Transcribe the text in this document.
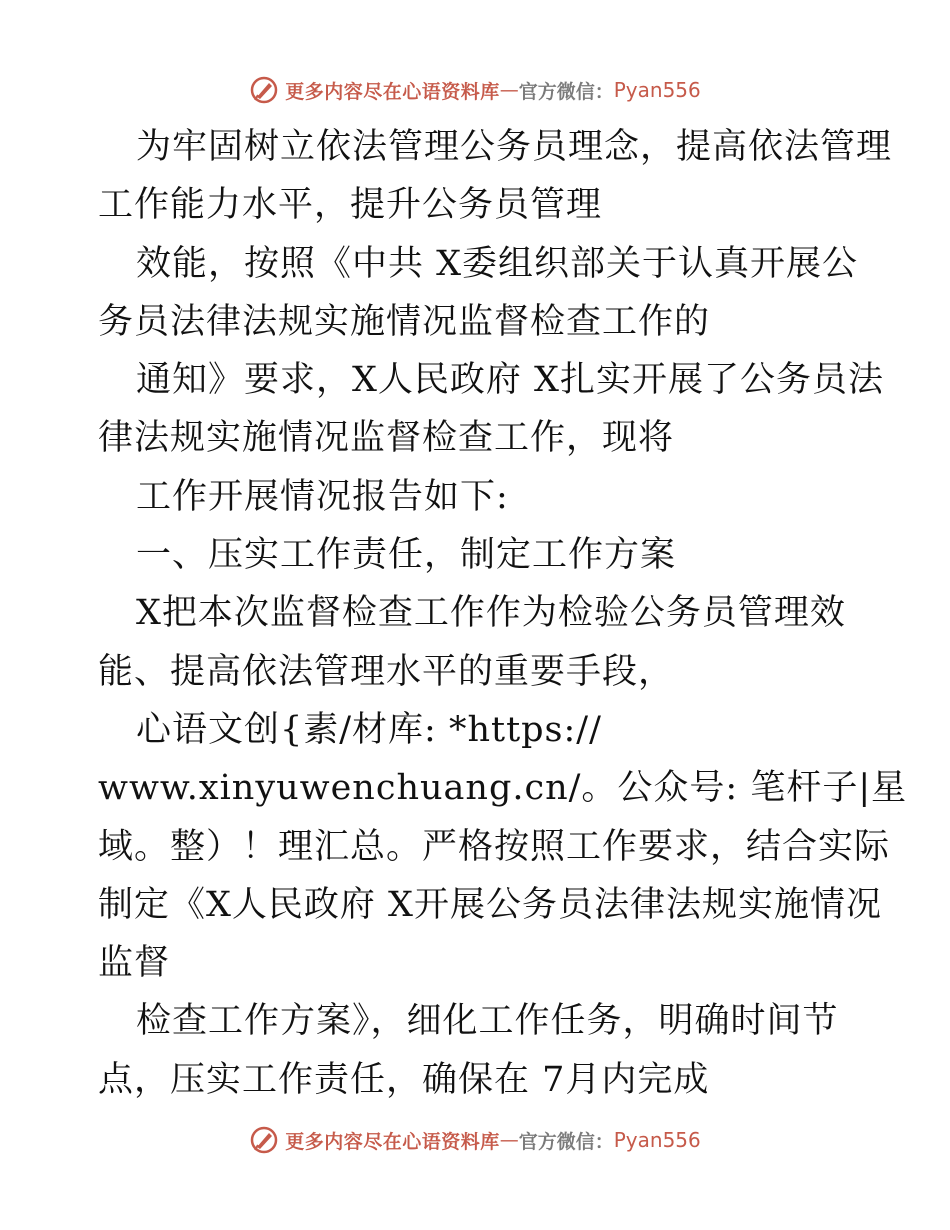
更多内容尽在心语资料库 — 官方微信： Pyan556
为牢固树立依法管理公务员理念，提高依法管理
工作能力水平，提升公务员管理
效能，按照《中共 X委组织部关于认真开展公
务员法律法规实施情况监督检查工作的
通知》要求，X人民政府 X扎实开展了公务员法
律法规实施情况监督检查工作，现将
工作开展情况报告如下:
一、压实工作责任，制定工作方案
X把本次监督检查工作作为检验公务员管理效
能、提高依法管理水平的重要手段，
心语文创{素/材库: *https://
www.xinyuwenchuang.cn/。公众号: 笔杆子|星
域。整）！理汇总。严格按照工作要求，结合实际
制定《X人民政府 X开展公务员法律法规实施情况
监督
检查工作方案》，细化工作任务，明确时间节
点，压实工作责任，确保在 7月内完成
更多内容尽在心语资料库 — 官方微信： Pyan556
